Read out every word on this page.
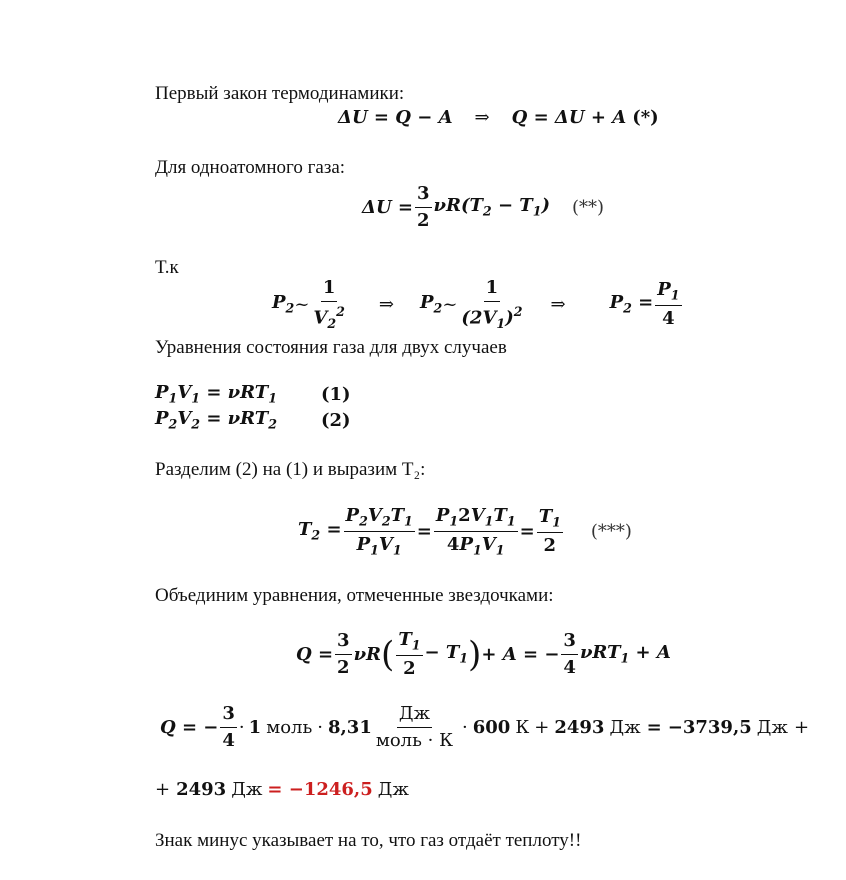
Первый закон термодинамики:
ΔU = Q − A ⇒ Q = ΔU + A (*)
Для одноатомного газа:
$\Delta U = \frac{3}{2} \nu R(T_2 - T_1)$ (**)
Т.к
$P_2$ ~ $\frac{1}{V_2^2}$ ⇒ $P_2$ ~ $\frac{1}{(2V_1)^2}$ ⇒ $P_2 = \frac{P_1}{4}$
Уравнения состояния газа для двух случаев
$P_1V_1 = \nu RT_1$ (1)
$P_2V_2 = \nu RT_2$ (2)
Разделим (2) на (1) и выразим Т₂:
$T_2 = \frac{P_2V_2T_1}{P_1V_1} = \frac{P_12V_1T_1}{4P_1V_1} = \frac{T_1}{2}$ (***)
Объединим уравнения, отмеченные звездочками:
$Q = \frac{3}{2}$ νR ( $\frac{T_1}{2} - T_1$ ) + A = − $\frac{3}{4} \nu RT_1 + A$
Q = − $\frac{3}{4} \cdot 1$ моль · $8,31 \frac{Дж}{\text{моль · К}} \cdot 600$ К + 2493 Дж = −3739,5 Дж +
+ 2493 Дж = −1246,5 Дж
Знак минус указывает на то, что газ отдаёт теплоту!!
